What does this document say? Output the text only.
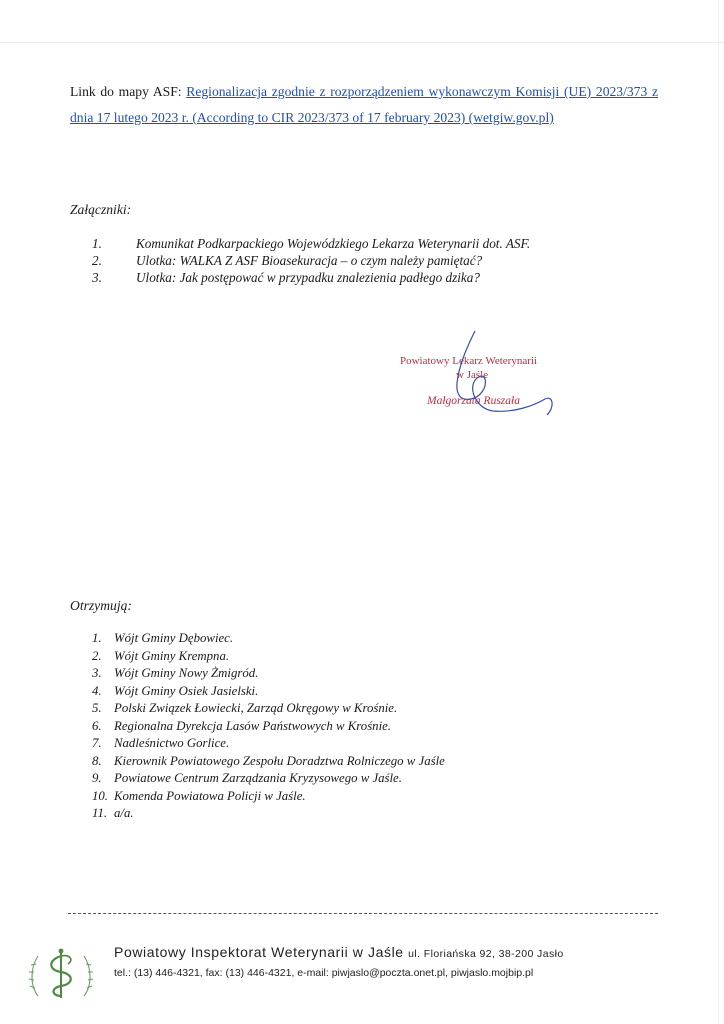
Link do mapy ASF: Regionalizacja zgodnie z rozporządzeniem wykonawczym Komisji (UE) 2023/373 z dnia 17 lutego 2023 r. (According to CIR 2023/373 of 17 february 2023) (wetgiw.gov.pl)
Załączniki:
1.	Komunikat Podkarpackiego Wojewódzkiego Lekarza Weterynarii dot. ASF.
2.	Ulotka: WALKA Z ASF Bioasekuracja – o czym należy pamiętać?
3.	Ulotka: Jak postępować w przypadku znalezienia padłego dzika?
Powiatowy Lekarz Weterynarii
w Jaśle
Małgorzata Ruszała
Otrzymują:
1. Wójt Gminy Dębowiec.
2. Wójt Gminy Krempna.
3. Wójt Gminy Nowy Żmigród.
4. Wójt Gminy Osiek Jasielski.
5. Polski Związek Łowiecki, Zarząd Okręgowy w Krośnie.
6. Regionalna Dyrekcja Lasów Państwowych w Krośnie.
7. Nadleśnictwo Gorlice.
8. Kierownik Powiatowego Zespołu Doradztwa Rolniczego w Jaśle
9. Powiatowe Centrum Zarządzania Kryzysowego w Jaśle.
10. Komenda Powiatowa Policji w Jaśle.
11. a/a.
Powiatowy Inspektorat Weterynarii w Jaśle ul. Floriańska 92, 38-200 Jasło
tel.: (13) 446-4321, fax: (13) 446-4321, e-mail: piwjaslo@poczta.onet.pl, piwjaslo.mojbip.pl
